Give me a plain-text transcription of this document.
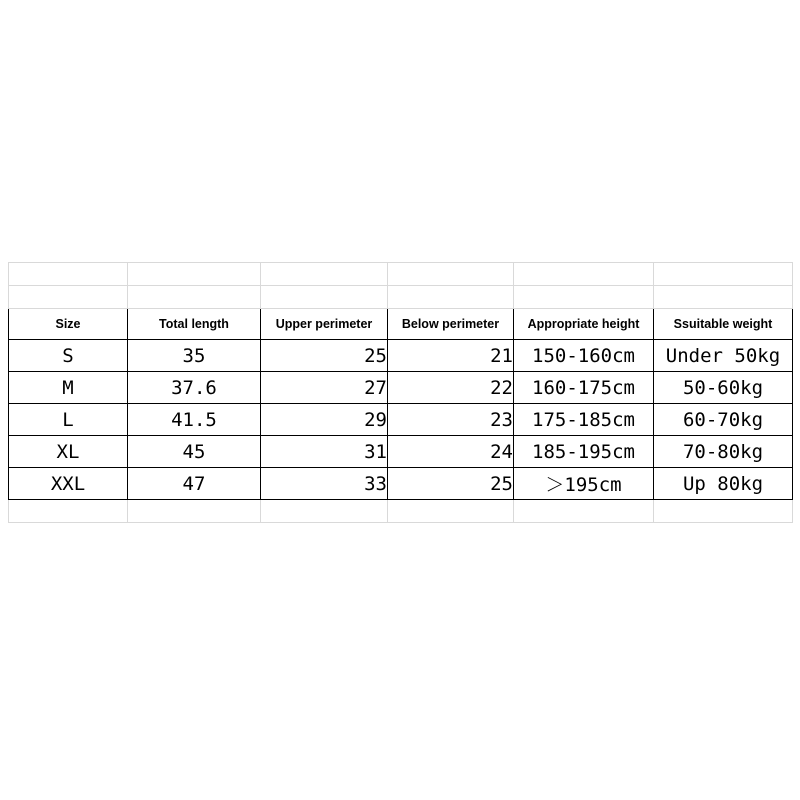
Size	Total length	Upper perimeter	Below perimeter	Appropriate height	Ssuitable weight
S	35	25	21	150-160cm	Under 50kg
M	37.6	27	22	160-175cm	50-60kg
L	41.5	29	23	175-185cm	60-70kg
XL	45	31	24	185-195cm	70-80kg
XXL	47	33	25	＞195cm	Up 80kg
